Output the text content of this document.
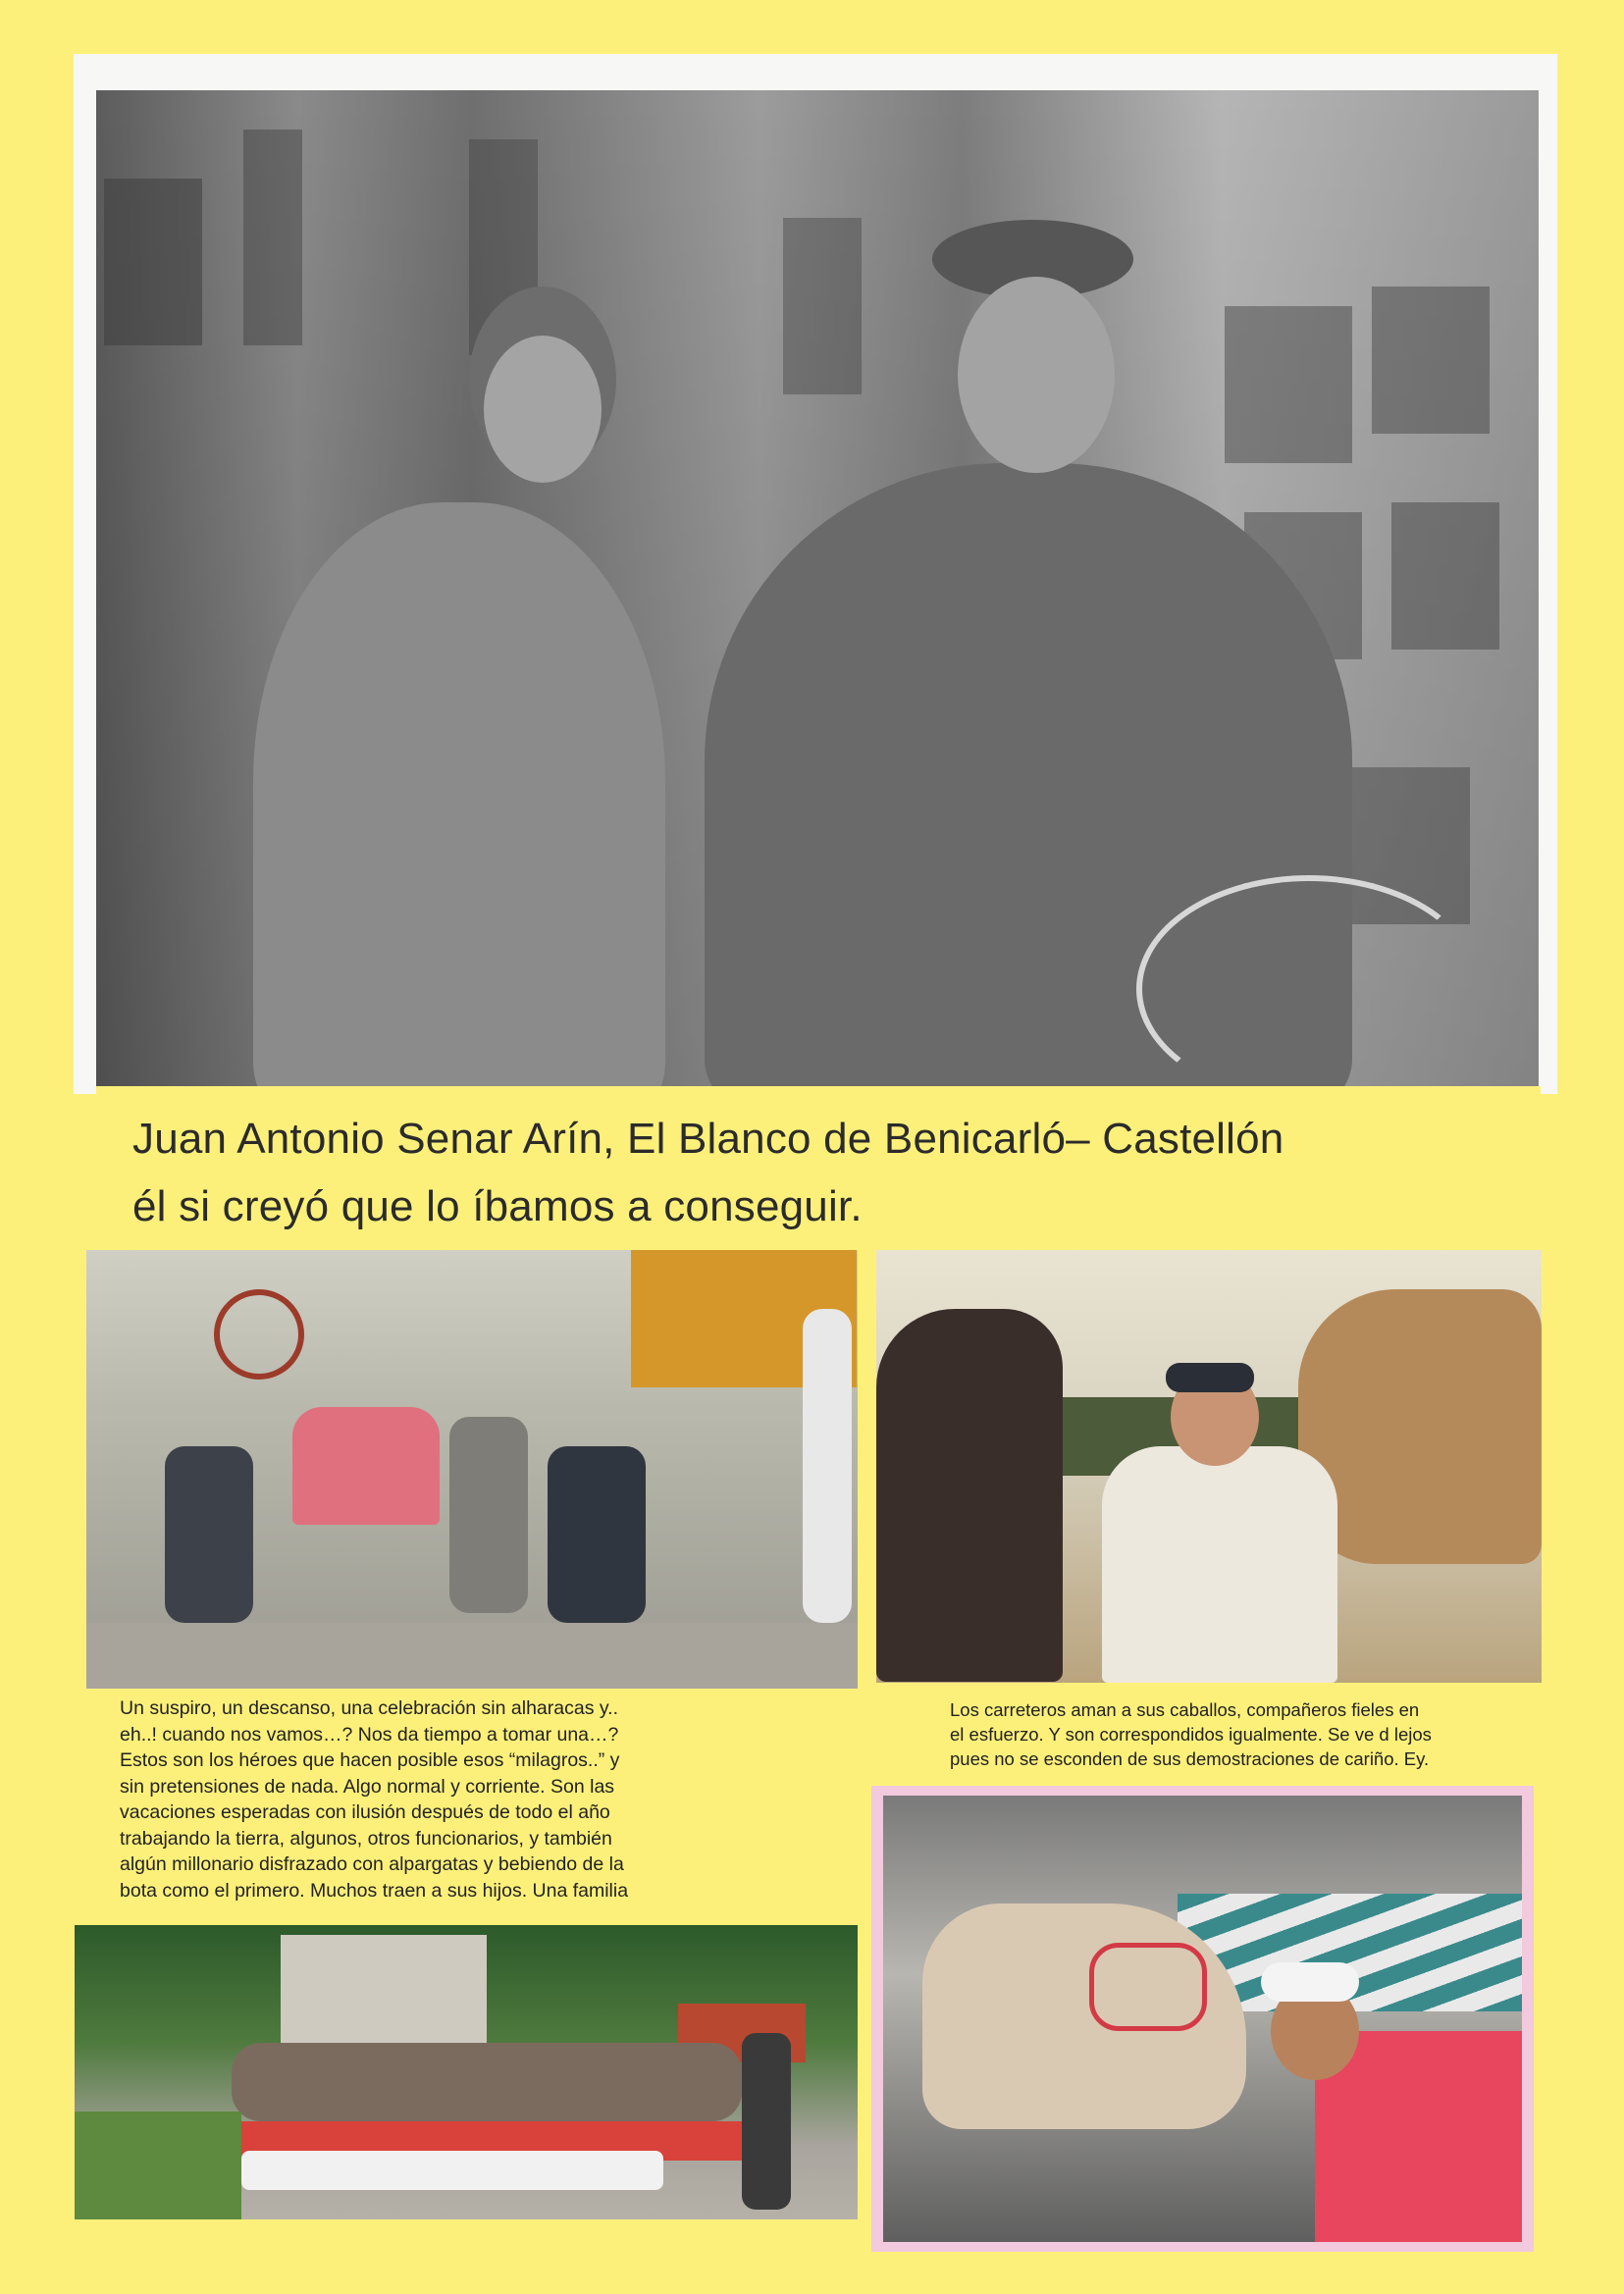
Juan Antonio Senar Arín, El Blanco de Benicarló– Castellón
él si creyó que lo íbamos a conseguir.
Un suspiro, un descanso, una celebración sin alharacas y..
eh..! cuando nos vamos…? Nos da tiempo a tomar una…?
Estos son los héroes que hacen posible esos “milagros..” y
sin pretensiones de nada. Algo normal y corriente. Son las
vacaciones esperadas con ilusión después de todo el año
trabajando la tierra, algunos, otros funcionarios, y también
algún millonario disfrazado con alpargatas y bebiendo de la
bota como el primero. Muchos traen a sus hijos. Una familia
Los carreteros aman a sus caballos, compañeros fieles en
el esfuerzo. Y son correspondidos igualmente. Se ve d lejos
pues no se esconden de sus demostraciones de cariño. Ey.
